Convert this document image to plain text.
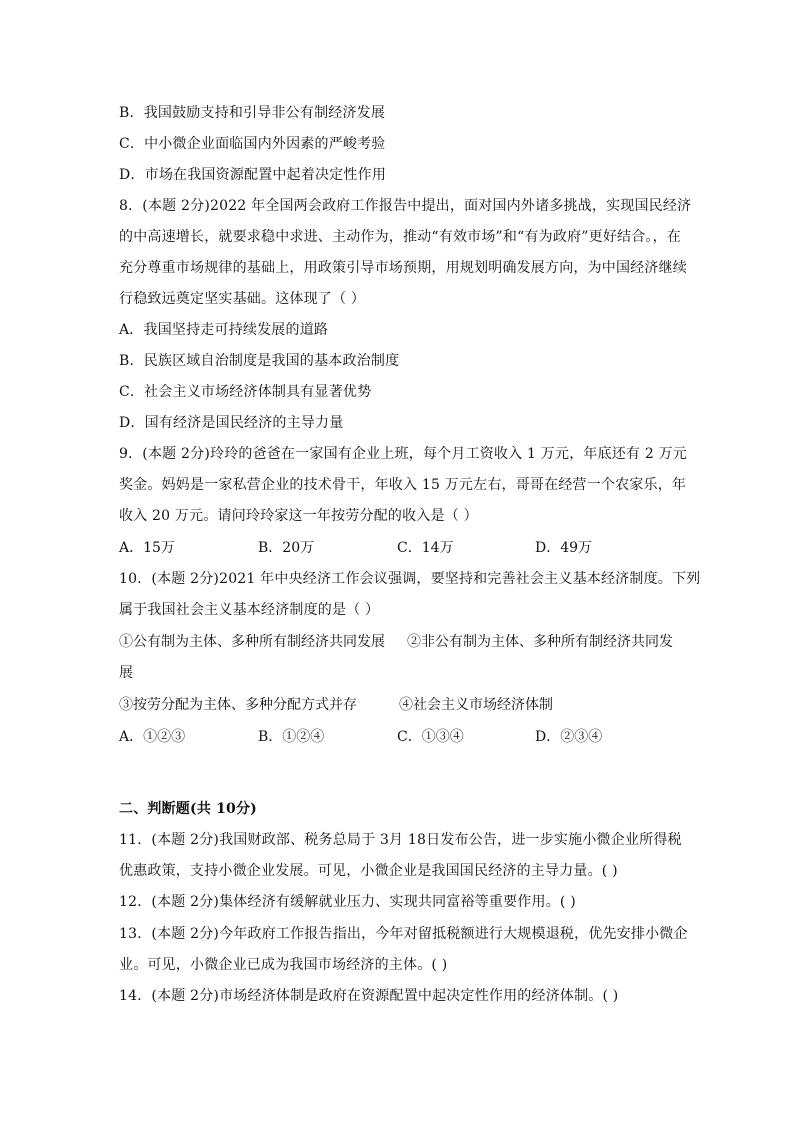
B．我国鼓励支持和引导非公有制经济发展
C．中小微企业面临国内外因素的严峻考验
D．市场在我国资源配置中起着决定性作用
8．(本题 2分)2022 年全国两会政府工作报告中提出，面对国内外诸多挑战，实现国民经济
的中高速增长，就要求稳中求进、主动作为，推动“有效市场”和“有为政府”更好结合。，在
充分尊重市场规律的基础上，用政策引导市场预期，用规划明确发展方向，为中国经济继续
行稳致远奠定坚实基础。这体现了（ ）
A．我国坚持走可持续发展的道路
B．民族区域自治制度是我国的基本政治制度
C．社会主义市场经济体制具有显著优势
D．国有经济是国民经济的主导力量
9．(本题 2分)玲玲的爸爸在一家国有企业上班，每个月工资收入 1 万元，年底还有 2 万元
奖金。妈妈是一家私营企业的技术骨干，年收入 15 万元左右，哥哥在经营一个农家乐，年
收入 20 万元。请问玲玲家这一年按劳分配的收入是（ ）
A．15万	B．20万	C．14万	D．49万
10．(本题 2分)2021 年中央经济工作会议强调，要坚持和完善社会主义基本经济制度。下列
属于我国社会主义基本经济制度的是（ ）
①公有制为主体、多种所有制经济共同发展 ②非公有制为主体、多种所有制经济共同发
展
③按劳分配为主体、多种分配方式并存	④社会主义市场经济体制
A．①②③	B．①②④	C．①③④	D．②③④
二、判断题(共 10分)
11．(本题 2分)我国财政部、税务总局于 3月 18日发布公告，进一步实施小微企业所得税
优惠政策，支持小微企业发展。可见，小微企业是我国国民经济的主导力量。( )
12．(本题 2分)集体经济有缓解就业压力、实现共同富裕等重要作用。( )
13．(本题 2分)今年政府工作报告指出，今年对留抵税额进行大规模退税，优先安排小微企
业。可见，小微企业已成为我国市场经济的主体。( )
14．(本题 2分)市场经济体制是政府在资源配置中起决定性作用的经济体制。( )
